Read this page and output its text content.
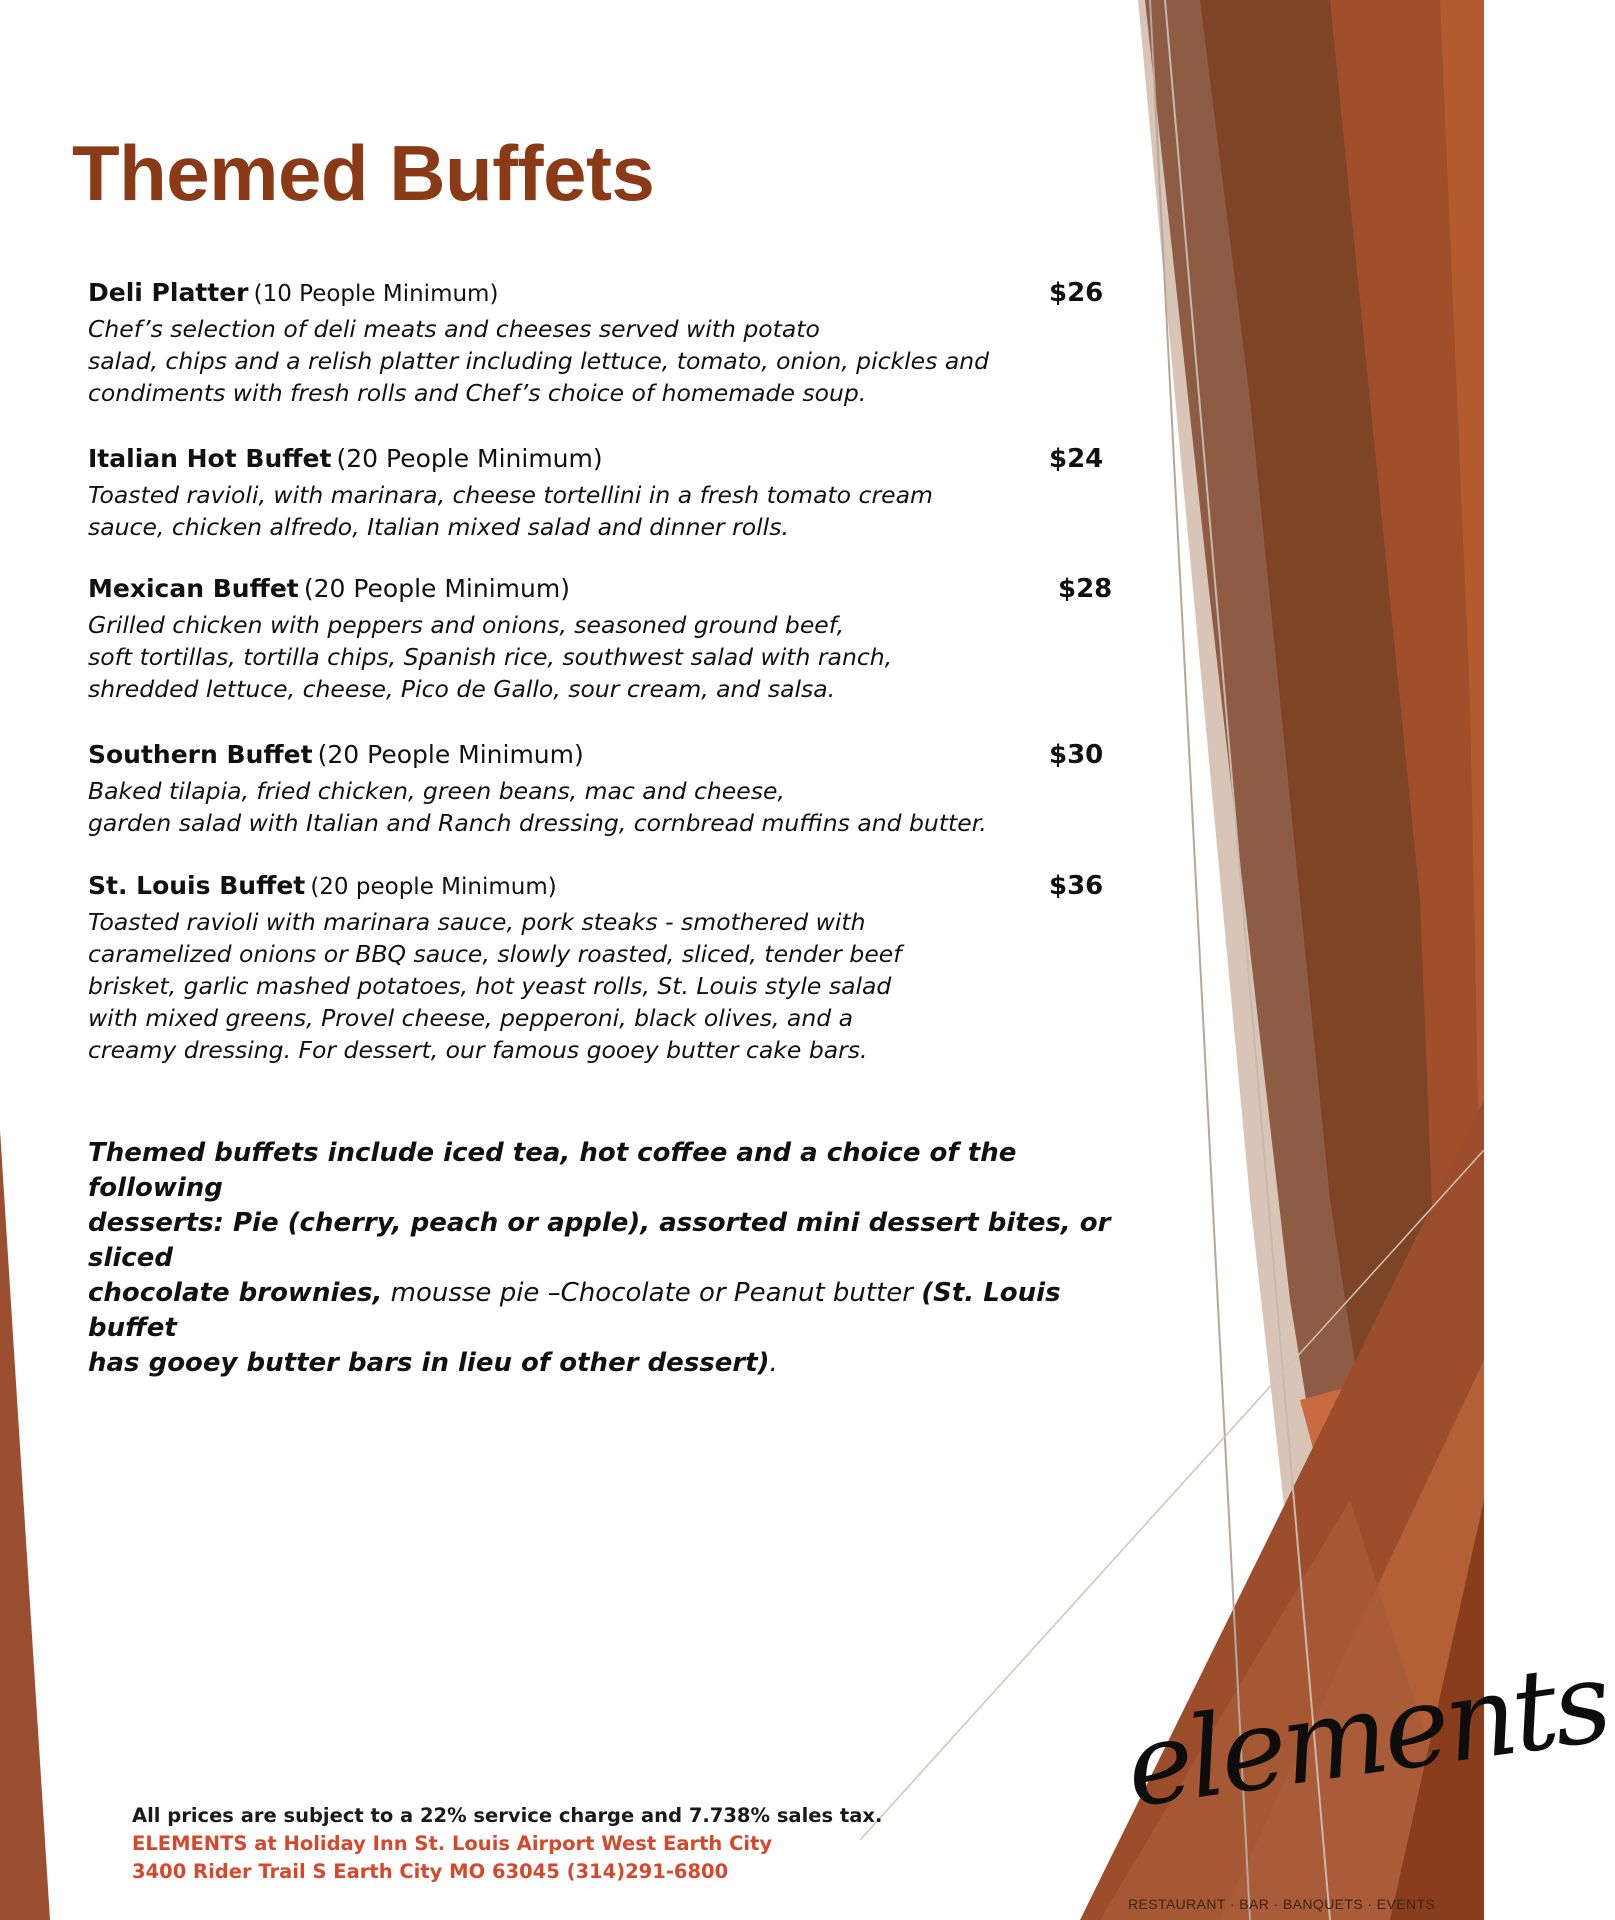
Themed Buffets
Deli Platter (10 People Minimum)	$26
Chef’s selection of deli meats and cheeses served with potato
salad, chips and a relish platter including lettuce, tomato, onion, pickles and
condiments with fresh rolls and Chef’s choice of homemade soup.
Italian Hot Buffet (20 People Minimum)	$24
Toasted ravioli, with marinara, cheese tortellini in a fresh tomato cream
sauce, chicken alfredo, Italian mixed salad and dinner rolls.
Mexican Buffet (20 People Minimum)	$28
Grilled chicken with peppers and onions, seasoned ground beef,
soft tortillas, tortilla chips, Spanish rice, southwest salad with ranch,
shredded lettuce, cheese, Pico de Gallo, sour cream, and salsa.
Southern Buffet (20 People Minimum)	$30
Baked tilapia, fried chicken, green beans, mac and cheese,
garden salad with Italian and Ranch dressing, cornbread muffins and butter.
St. Louis Buffet (20 people Minimum)	$36
Toasted ravioli with marinara sauce, pork steaks - smothered with
caramelized onions or BBQ sauce, slowly roasted, sliced, tender beef
brisket, garlic mashed potatoes, hot yeast rolls, St. Louis style salad
with mixed greens, Provel cheese, pepperoni, black olives, and a
creamy dressing. For dessert, our famous gooey butter cake bars.
Themed buffets include iced tea, hot coffee and a choice of the following
desserts: Pie (cherry, peach or apple), assorted mini dessert bites, or sliced
chocolate brownies, mousse pie –Chocolate or Peanut butter (St. Louis buffet
has gooey butter bars in lieu of other dessert).
All prices are subject to a 22% service charge and 7.738% sales tax.
ELEMENTS at Holiday Inn St. Louis Airport West Earth City
3400 Rider Trail S Earth City MO 63045 (314)291-6800
elements
RESTAURANT · BAR · BANQUETS · EVENTS
